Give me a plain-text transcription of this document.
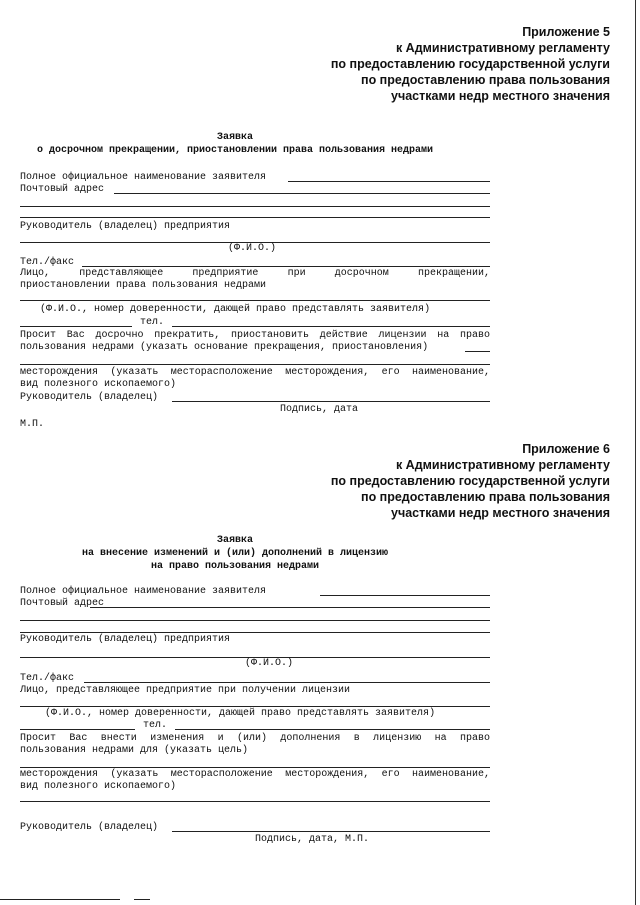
Приложение 5
к Административному регламенту
по предоставлению государственной услуги
по предоставлению права пользования
участками недр местного значения
Заявка
о досрочном прекращении, приостановлении права пользования недрами
Полное официальное наименование заявителя
Почтовый адрес
Руководитель (владелец) предприятия
(Ф.И.О.)
Тел./факс
Лицо, представляющее предприятие при досрочном прекращении,
приостановлении права пользования недрами
(Ф.И.О., номер доверенности, дающей право представлять заявителя)
тел.
Просит Вас досрочно прекратить, приостановить действие лицензии на право
пользования недрами (указать основание прекращения, приостановления)
месторождения (указать месторасположение месторождения, его наименование,
вид полезного ископаемого)
Руководитель (владелец)
Подпись, дата
М.П.
Приложение 6
к Административному регламенту
по предоставлению государственной услуги
по предоставлению права пользования
участками недр местного значения
Заявка
на внесение изменений и (или) дополнений в лицензию
на право пользования недрами
Полное официальное наименование заявителя
Почтовый адрес
Руководитель (владелец) предприятия
(Ф.И.О.)
Тел./факс
Лицо, представляющее предприятие при получении лицензии
(Ф.И.О., номер доверенности, дающей право представлять заявителя)
тел.
Просит Вас внести изменения и (или) дополнения в лицензию на право
пользования недрами для (указать цель)
месторождения (указать месторасположение месторождения, его наименование,
вид полезного ископаемого)
Руководитель (владелец)
Подпись, дата, М.П.
